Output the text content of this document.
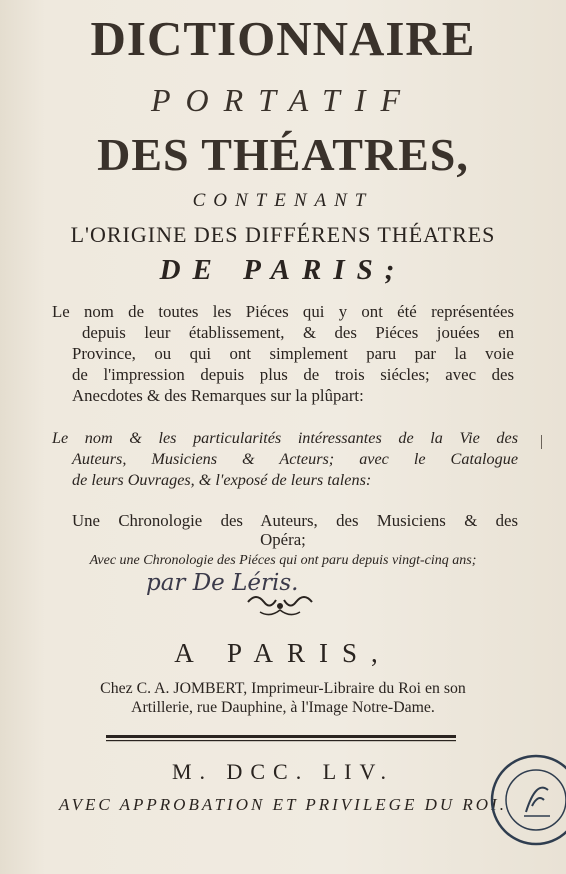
DICTIONNAIRE
PORTATIF
DES THÉATRES,
CONTENANT
L'ORIGINE DES DIFFÉRENS THÉATRES
DE PARIS;
Le nom de toutes les Piéces qui y ont été représentées
depuis leur établissement, & des Piéces jouées en
Province, ou qui ont simplement paru par la voie
de l'impression depuis plus de trois siécles; avec des
Anecdotes & des Remarques sur la plûpart:
Le nom & les particularités intéressantes de la Vie des
Auteurs, Musiciens & Acteurs; avec le Catalogue
de leurs Ouvrages, & l'exposé de leurs talens:
Une Chronologie des Auteurs, des Musiciens & des
Opéra;
Avec une Chronologie des Piéces qui ont paru depuis vingt-cinq ans;
par De Léris.
A PARIS,
Chez C. A. JOMBERT, Imprimeur-Libraire du Roi en son
Artillerie, rue Dauphine, à l'Image Notre-Dame.
M. DCC. LIV.
AVEC APPROBATION ET PRIVILEGE DU ROI.
